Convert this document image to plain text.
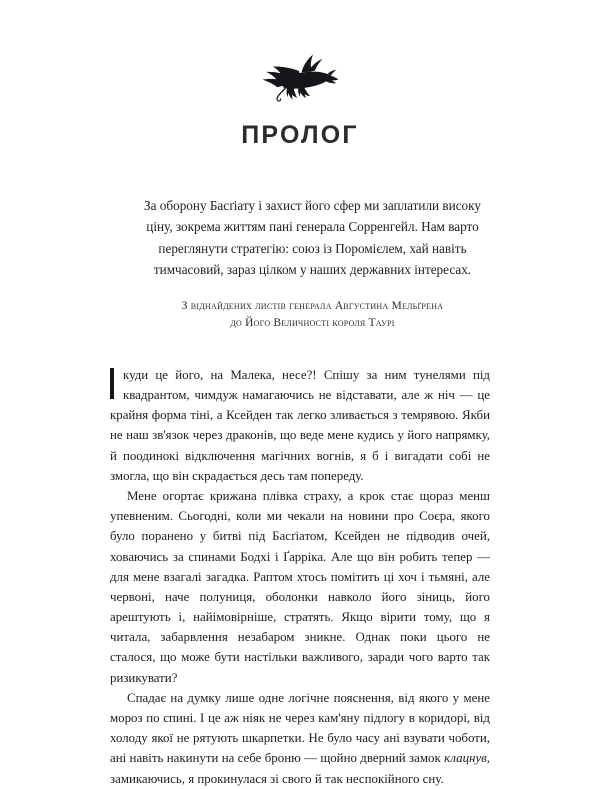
ПРОЛОГ
За оборону Басґіату і захист його сфер ми заплатили високу ціну, зокрема життям пані генерала Сорренгейл. Нам варто переглянути стратегію: союз із Поромієлем, хай навіть тимчасовий, зараз цілком у наших державних інтересах.
З віднайдених листів генерала Августина Мельґрена
до Його Величності короля Таурі

куди це його, на Малека, несе?! Спішу за ним тунелями під квадрантом, чимдуж намагаючись не відставати, але ж ніч — це крайня форма тіні, а Ксейден так легко зливається з темрявою. Якби не наш зв'язок через драконів, що веде мене кудись у його напрямку, й поодинокі відключення магічних вогнів, я б і вигадати собі не змогла, що він скрадається десь там попереду.

Мене огортає крижана плівка страху, а крок стає щораз менш упевненим. Сьогодні, коли ми чекали на новини про Соєра, якого було поранено у битві під Басґіатом, Ксейден не підводив очей, ховаючись за спинами Бодхі і Ґарріка. Але що він робить тепер — для мене взагалі загадка. Раптом хтось помітить ці хоч і тьмяні, але червоні, наче полуниця, оболонки навколо його зіниць, його арештують і, найімовірніше, стратять. Якщо вірити тому, що я читала, забарвлення незабаром зникне. Однак поки цього не сталося, що може бути настільки важливого, заради чого варто так ризикувати?

Спадає на думку лише одне логічне пояснення, від якого у мене мороз по спині. І це аж ніяк не через кам'яну підлогу в коридорі, від холоду якої не рятують шкарпетки. Не було часу ані взувати чоботи, ані навіть накинути на себе броню — щойно дверний замок клацнув, замикаючись, я прокинулася зі свого й так неспокійного сну.
